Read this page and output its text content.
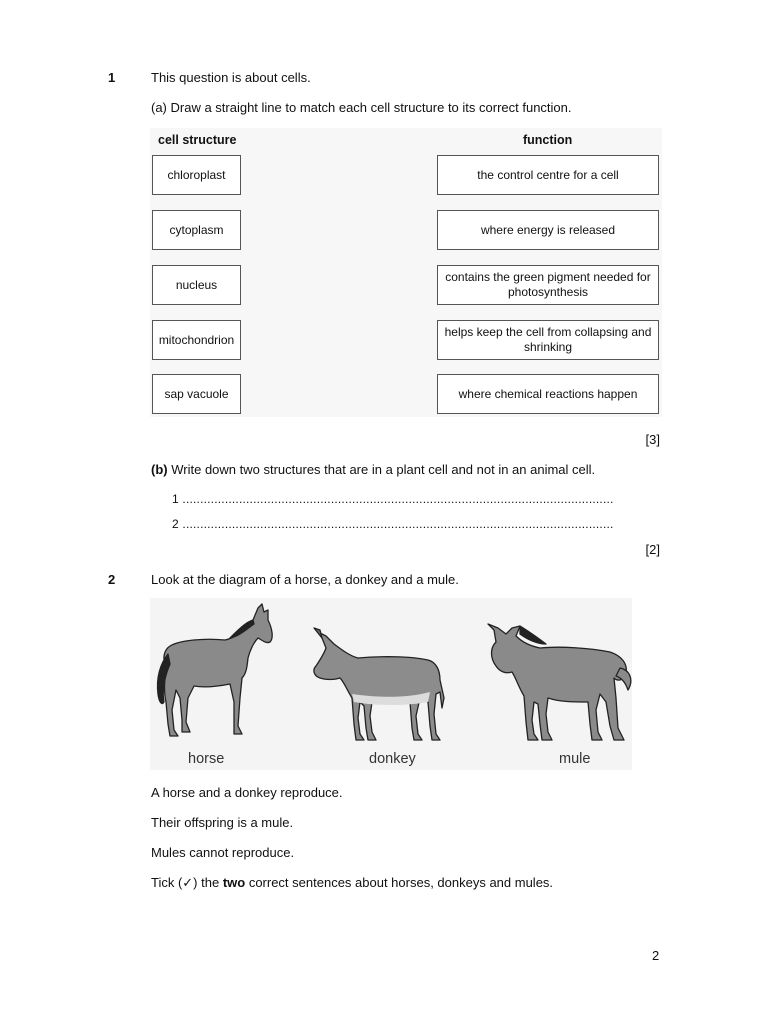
1	This question is about cells.
(a) Draw a straight line to match each cell structure to its correct function.
cell structure	function
chloroplast
cytoplasm
nucleus
mitochondrion
sap vacuole
the control centre for a cell
where energy is released
contains the green pigment needed for photosynthesis
helps keep the cell from collapsing and shrinking
where chemical reactions happen
[3]
(b) Write down two structures that are in a plant cell and not in an animal cell.
1 ..........................................................................................................................
2 ..........................................................................................................................
[2]
2	Look at the diagram of a horse, a donkey and a mule.
horse	donkey	mule
A horse and a donkey reproduce.
Their offspring is a mule.
Mules cannot reproduce.
Tick (✓) the two correct sentences about horses, donkeys and mules.
2
